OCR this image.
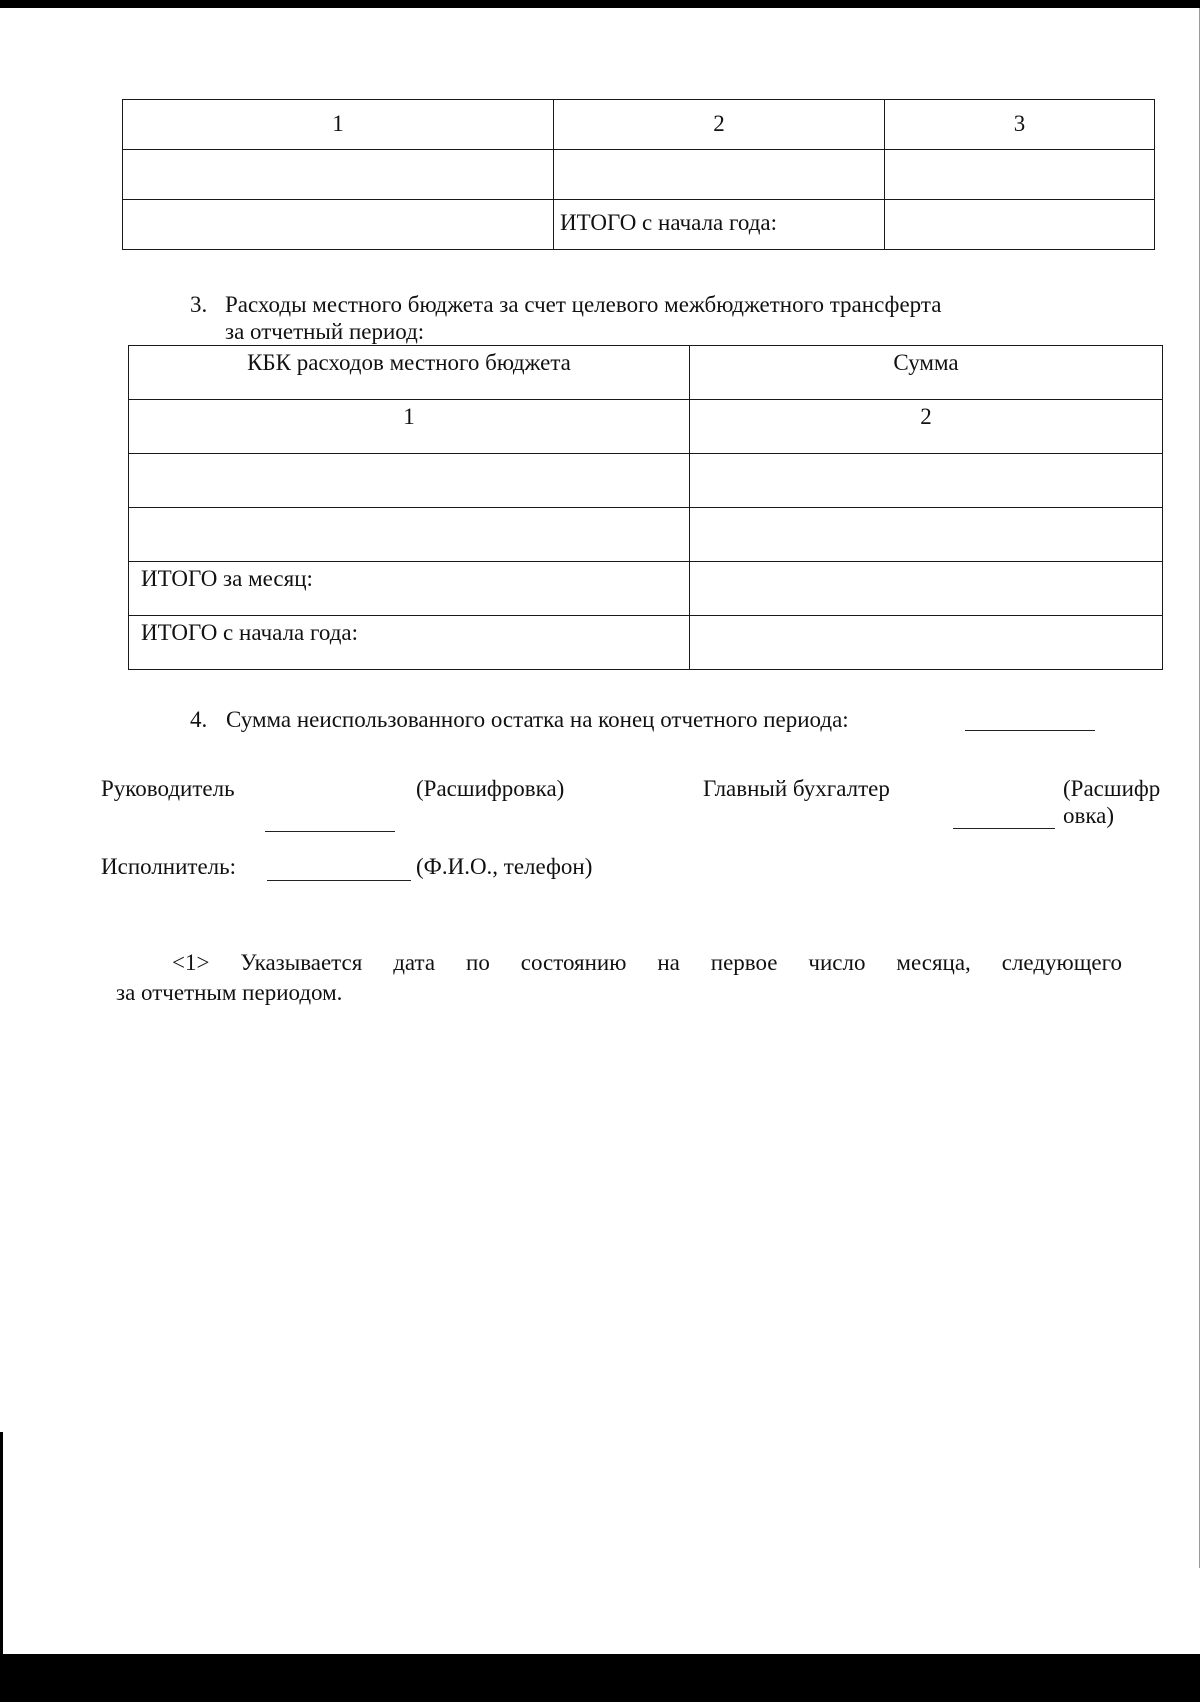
1	2	3

	ИТОГО с начала года:	
3. Расходы местного бюджета за счет целевого межбюджетного трансферта
за отчетный период:
КБК расходов местного бюджета	Сумма
1	2

ИТОГО за месяц:	
ИТОГО с начала года:	
4. Сумма неиспользованного остатка на конец отчетного периода:
Руководитель	(Расшифровка)	Главный бухгалтер	(Расшифр
овка)
Исполнитель:	(Ф.И.О., телефон)
<1> Указывается дата по состоянию на первое число месяца, следующего
за отчетным периодом.
